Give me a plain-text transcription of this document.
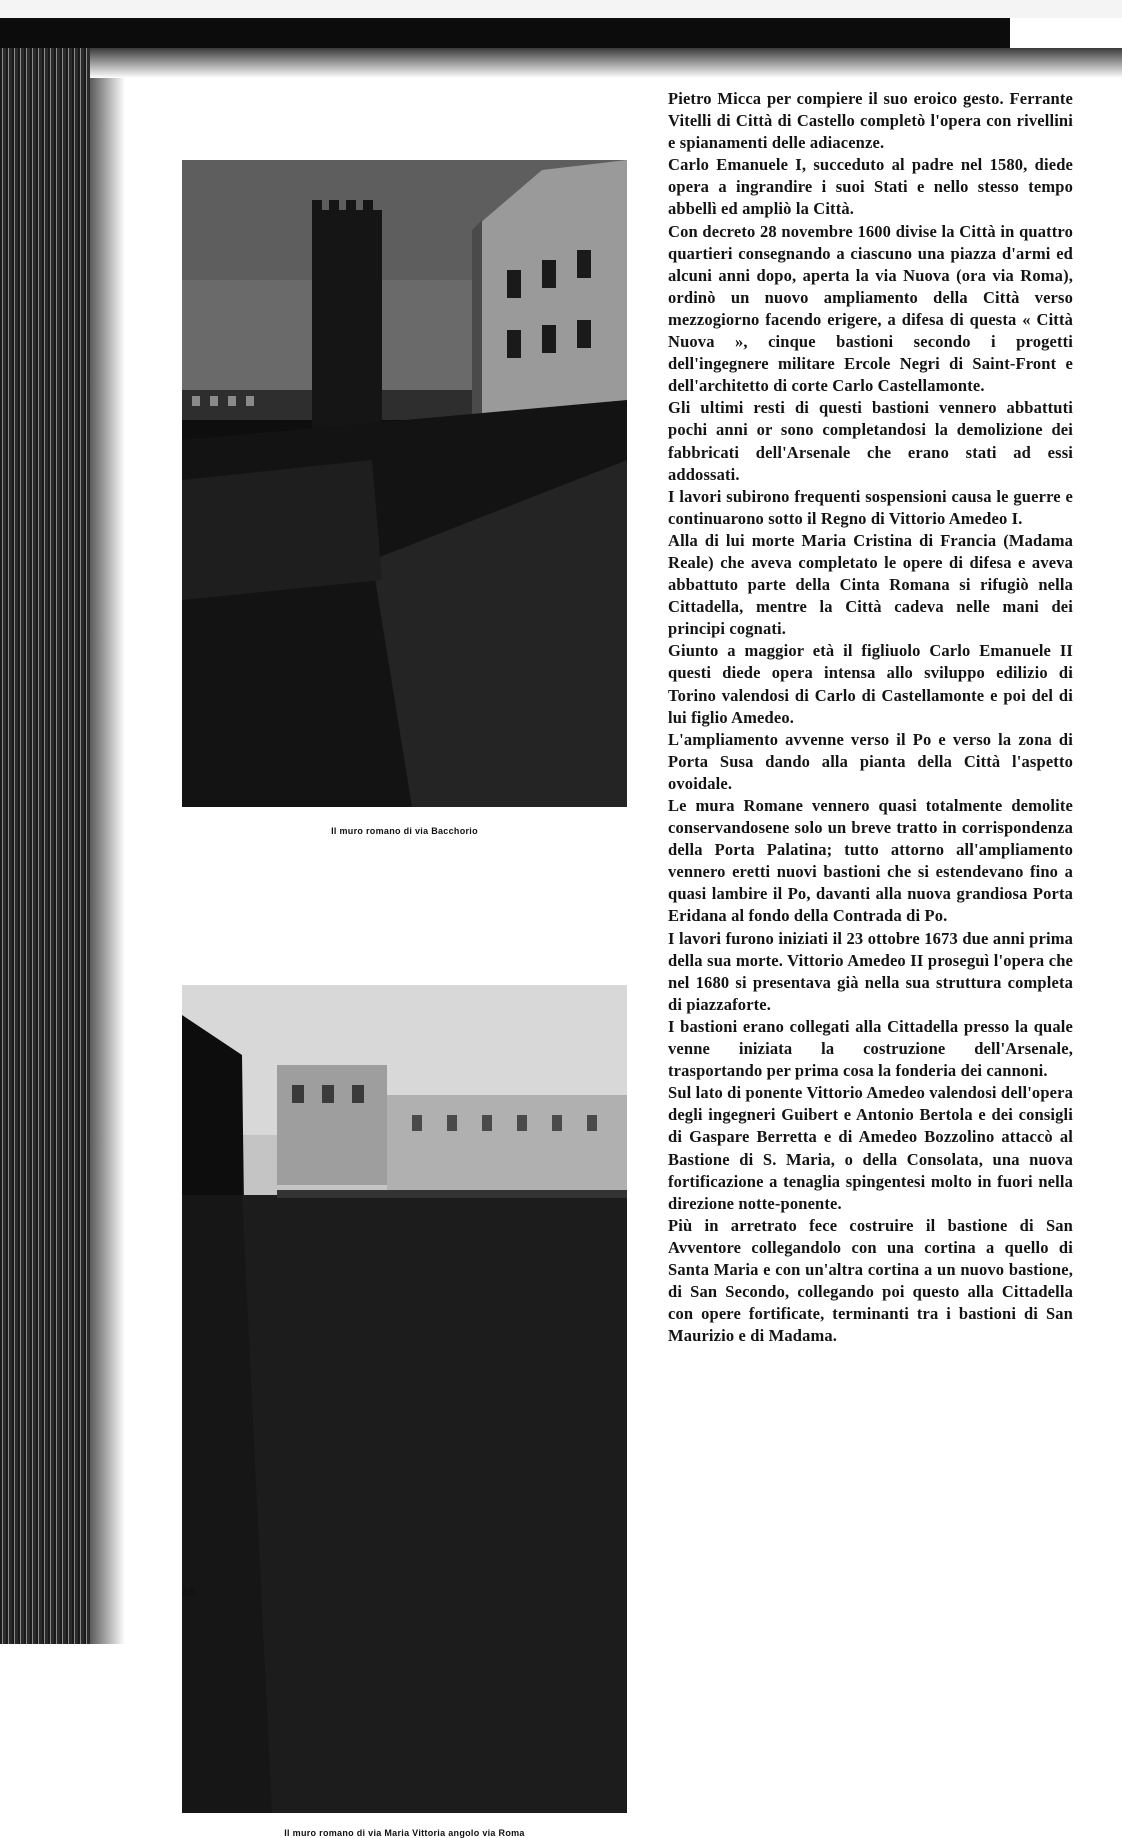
Il muro romano di via Bacchorio
Il muro romano di via Maria Vittoria angolo via Roma
46

Pietro Micca per compiere il suo eroico gesto. Ferrante Vitelli di Città di Castello completò l'opera con rivellini e spianamenti delle adiacenze.

Carlo Emanuele I, succeduto al padre nel 1580, diede opera a ingrandire i suoi Stati e nello stesso tempo abbellì ed ampliò la Città.

Con decreto 28 novembre 1600 divise la Città in quattro quartieri consegnando a ciascuno una piazza d'armi ed alcuni anni dopo, aperta la via Nuova (ora via Roma), ordinò un nuovo ampliamento della Città verso mezzogiorno facendo erigere, a difesa di questa « Città Nuova », cinque bastioni secondo i progetti dell'ingegnere militare Ercole Negri di Saint-Front e dell'architetto di corte Carlo Castellamonte.

Gli ultimi resti di questi bastioni vennero abbattuti pochi anni or sono completandosi la demolizione dei fabbricati dell'Arsenale che erano stati ad essi addossati.

I lavori subirono frequenti sospensioni causa le guerre e continuarono sotto il Regno di Vittorio Amedeo I.

Alla di lui morte Maria Cristina di Francia (Madama Reale) che aveva completato le opere di difesa e aveva abbattuto parte della Cinta Romana si rifugiò nella Cittadella, mentre la Città cadeva nelle mani dei principi cognati.

Giunto a maggior età il figliuolo Carlo Emanuele II questi diede opera intensa allo sviluppo edilizio di Torino valendosi di Carlo di Castellamonte e poi del di lui figlio Amedeo.

L'ampliamento avvenne verso il Po e verso la zona di Porta Susa dando alla pianta della Città l'aspetto ovoidale.

Le mura Romane vennero quasi totalmente demolite conservandosene solo un breve tratto in corrispondenza della Porta Palatina; tutto attorno all'ampliamento vennero eretti nuovi bastioni che si estendevano fino a quasi lambire il Po, davanti alla nuova grandiosa Porta Eridana al fondo della Contrada di Po.

I lavori furono iniziati il 23 ottobre 1673 due anni prima della sua morte. Vittorio Amedeo II proseguì l'opera che nel 1680 si presentava già nella sua struttura completa di piazzaforte.

I bastioni erano collegati alla Cittadella presso la quale venne iniziata la costruzione dell'Arsenale, trasportando per prima cosa la fonderia dei cannoni.

Sul lato di ponente Vittorio Amedeo valendosi dell'opera degli ingegneri Guibert e Antonio Bertola e dei consigli di Gaspare Berretta e di Amedeo Bozzolino attaccò al Bastione di S. Maria, o della Consolata, una nuova fortificazione a tenaglia spingentesi molto in fuori nella direzione notte-ponente.

Più in arretrato fece costruire il bastione di San Avventore collegandolo con una cortina a quello di Santa Maria e con un'altra cortina a un nuovo bastione, di San Secondo, collegando poi questo alla Cittadella con opere fortificate, terminanti tra i bastioni di San Maurizio e di Madama.
